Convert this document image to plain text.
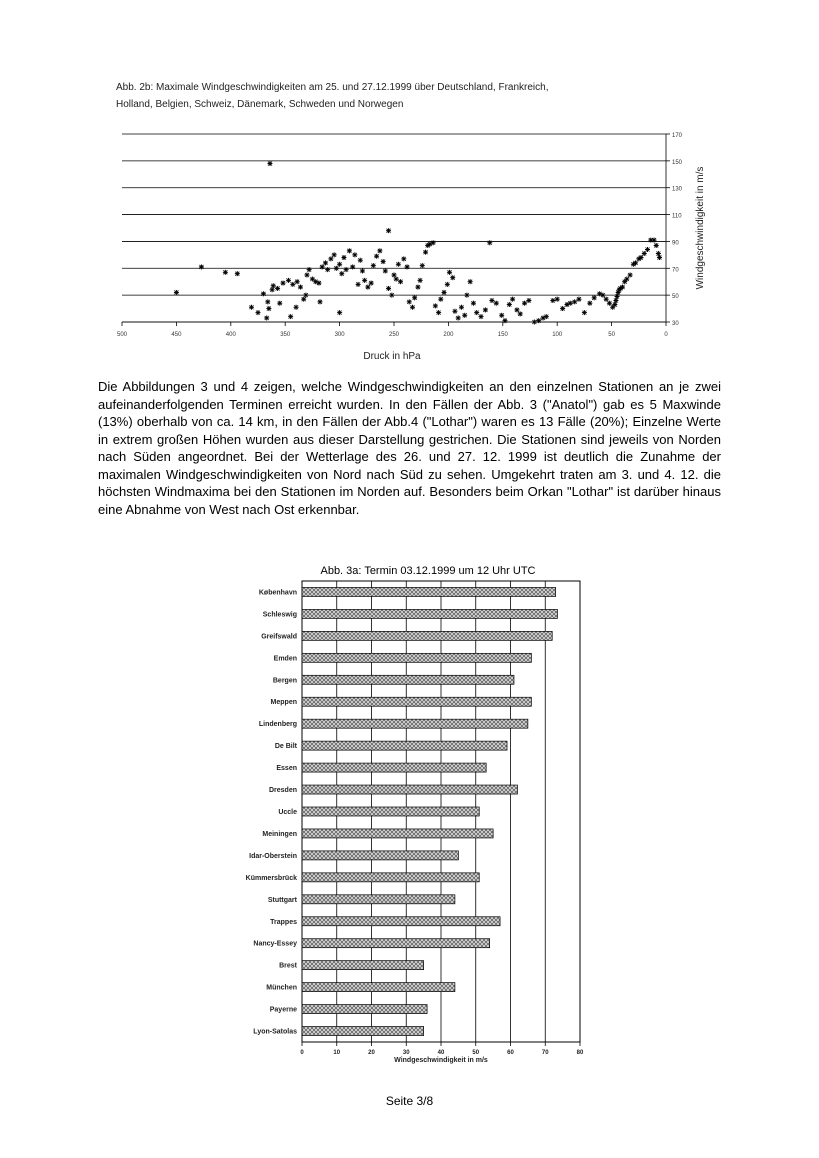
Abb. 2b: Maximale Windgeschwindigkeiten am 25. und 27.12.1999 über Deutschland, Frankreich,
Holland, Belgien, Schweiz, Dänemark, Schweden und Norwegen
30
50
70
90
110
130
150
170
500	450	400	350	300	250	200	150	100	50	0
Druck in hPa
Windgeschwindigkeit in m/s
Die Abbildungen 3 und 4 zeigen, welche Windgeschwindigkeiten an den einzelnen Stationen an je zwei aufeinanderfolgenden Terminen erreicht wurden. In den Fällen der Abb. 3 ("Anatol") gab es 5 Maxwinde (13%) oberhalb von ca. 14 km, in den Fällen der Abb.4 ("Lothar") waren es 13 Fälle (20%); Einzelne Werte in extrem großen Höhen wurden aus dieser Darstellung gestrichen. Die Stationen sind jeweils von Norden nach Süden angeordnet. Bei der Wetterlage des 26. und 27. 12. 1999 ist deutlich die Zunahme der maximalen Windgeschwindigkeiten von Nord nach Süd zu sehen. Umgekehrt traten am 3. und 4. 12. die höchsten Windmaxima bei den Stationen im Norden auf. Besonders beim Orkan "Lothar" ist darüber hinaus eine Abnahme von West nach Ost erkennbar.
Abb. 3a: Termin 03.12.1999 um 12 Uhr UTC
København
Schleswig
Greifswald
Emden
Bergen
Meppen
Lindenberg
De Bilt
Essen
Dresden
Uccle
Meiningen
Idar-Oberstein
Kümmersbrück
Stuttgart
Trappes
Nancy-Essey
Brest
München
Payerne
Lyon-Satolas
0	10	20	30	40	50	60	70	80
Windgeschwindigkeit in m/s
Seite 3/8
